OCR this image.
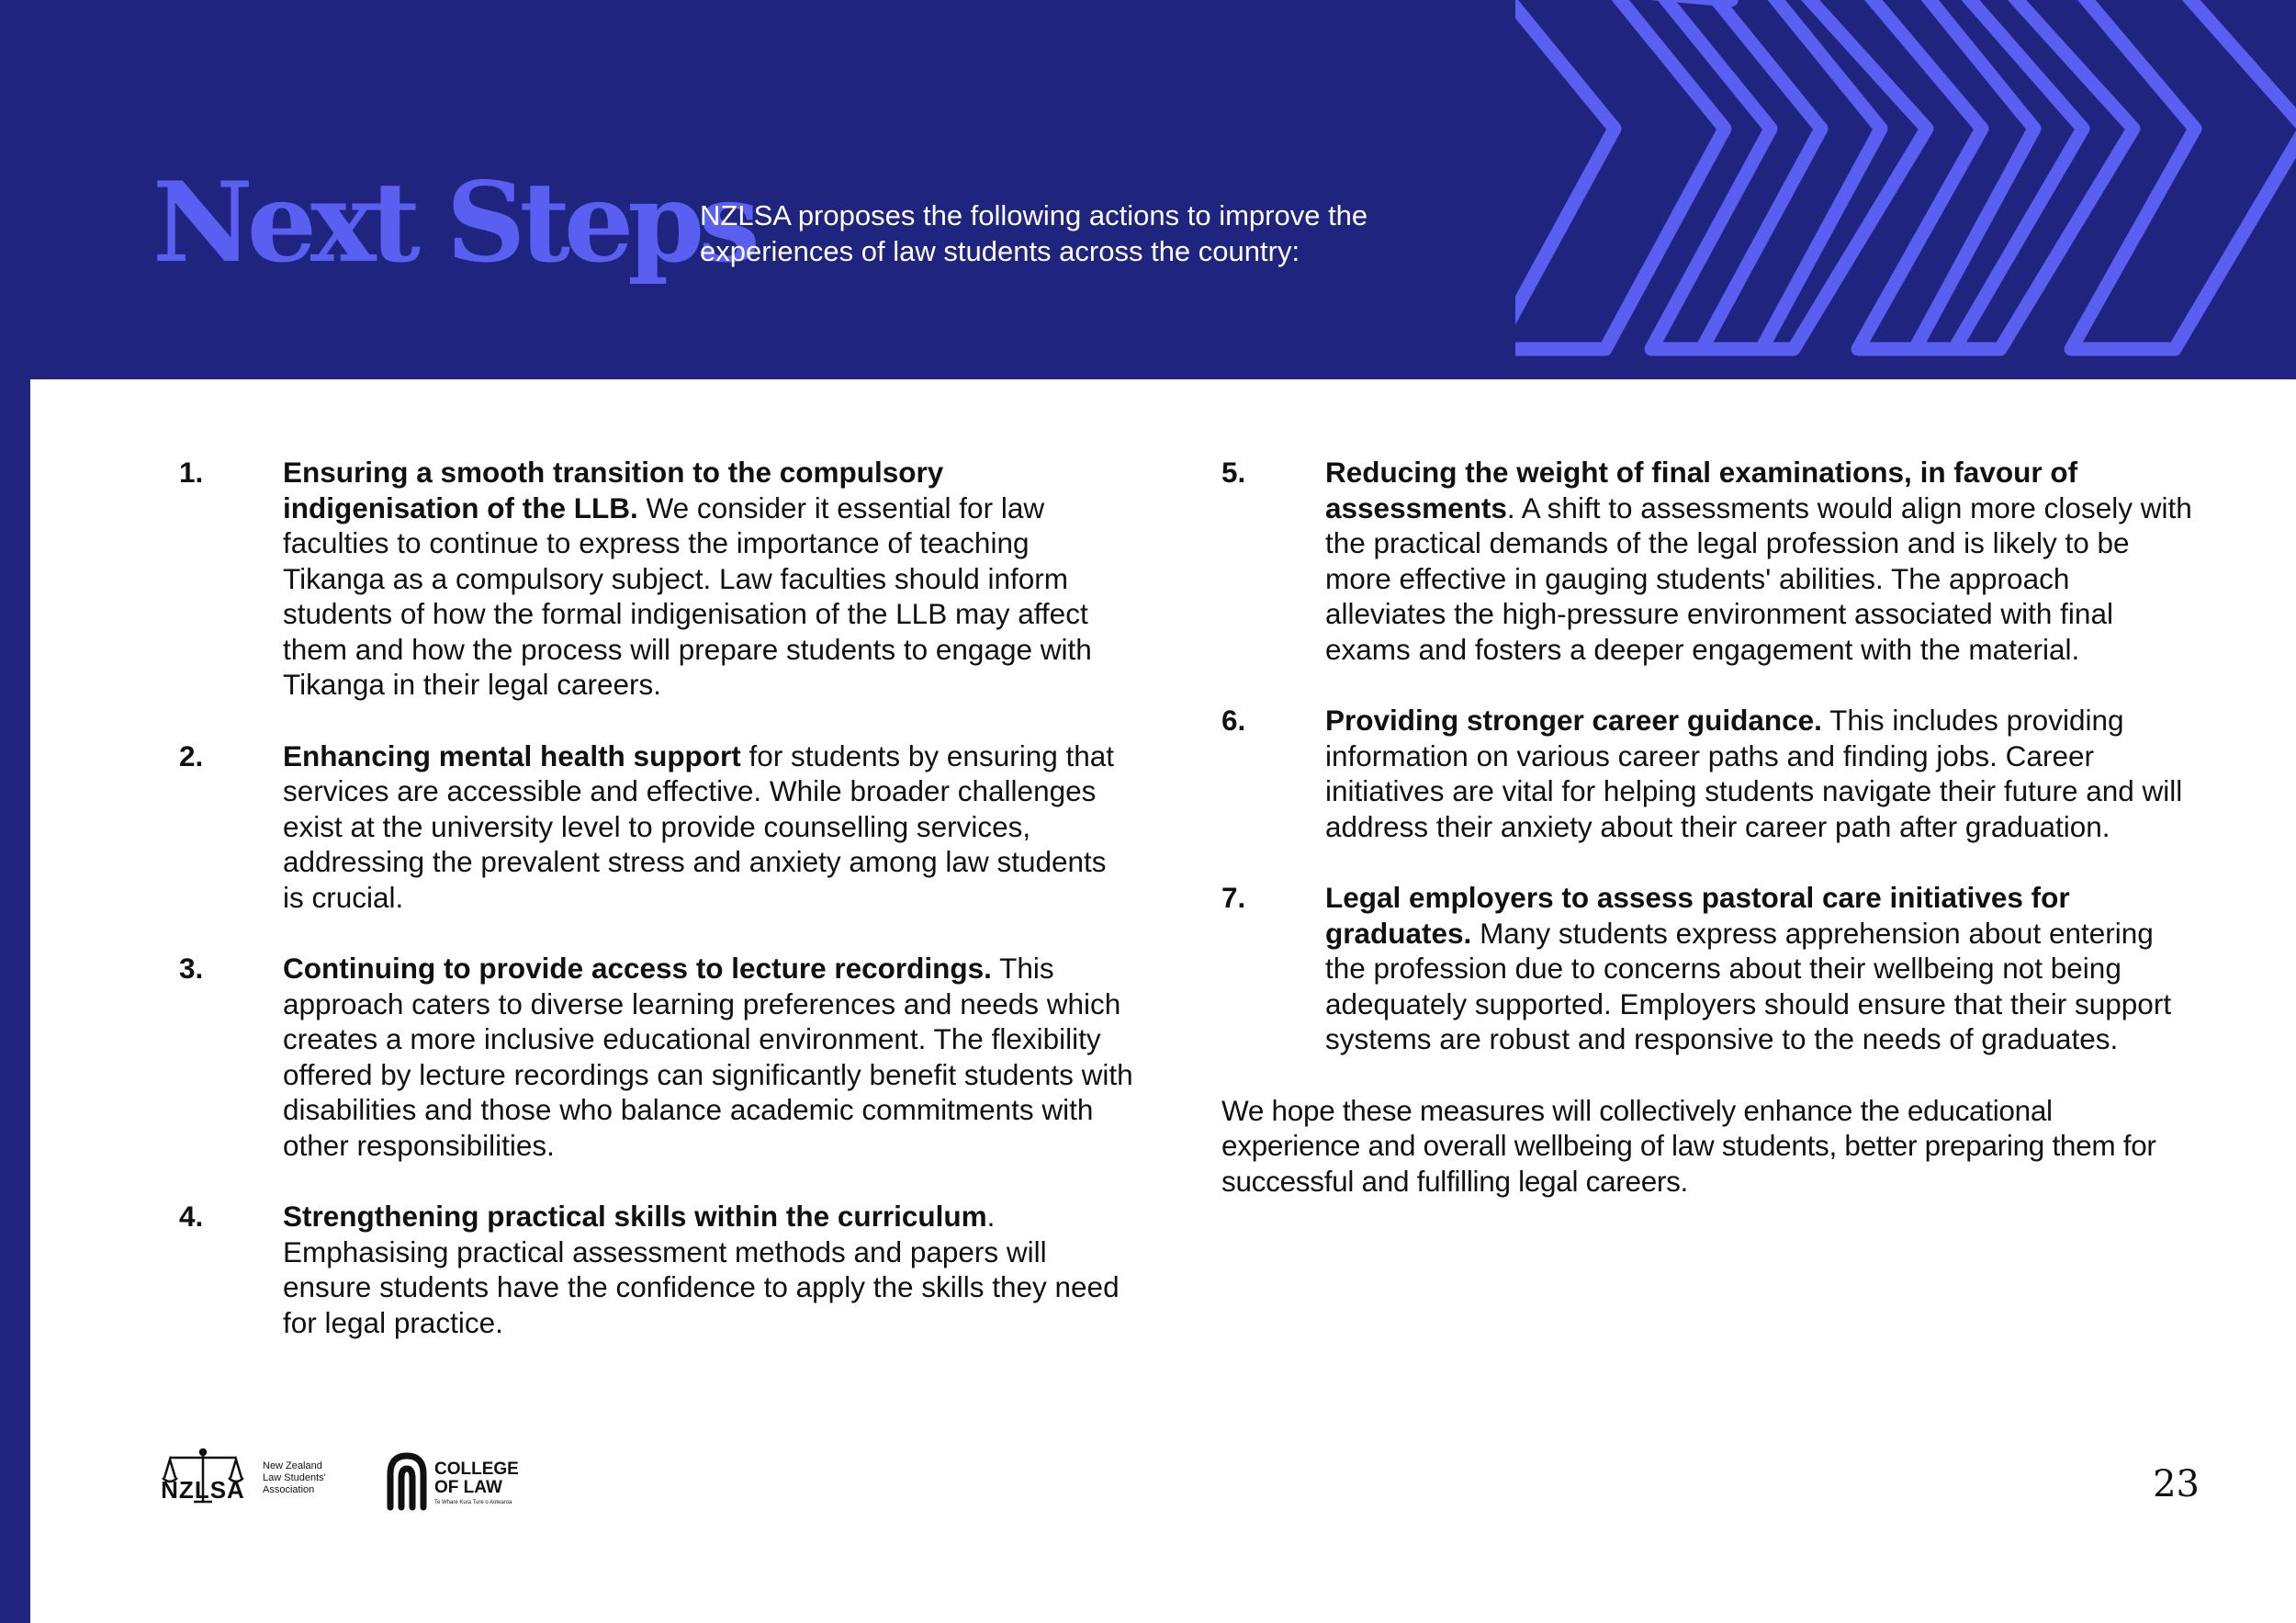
Next Steps

NZLSA proposes the following actions to improve the experiences of law students across the country:

1.	Ensuring a smooth transition to the compulsory indigenisation of the LLB. We consider it essential for law faculties to continue to express the importance of teaching Tikanga as a compulsory subject. Law faculties should inform students of how the formal indigenisation of the LLB may affect them and how the process will prepare students to engage with Tikanga in their legal careers.
2.	Enhancing mental health support for students by ensuring that services are accessible and effective. While broader challenges exist at the university level to provide counselling services, addressing the prevalent stress and anxiety among law students is crucial.
3.	Continuing to provide access to lecture recordings. This approach caters to diverse learning preferences and needs which creates a more inclusive educational environment. The flexibility offered by lecture recordings can significantly benefit students with disabilities and those who balance academic commitments with other responsibilities.
4.	Strengthening practical skills within the curriculum. Emphasising practical assessment methods and papers will ensure students have the confidence to apply the skills they need for legal practice.
5.	Reducing the weight of final examinations, in favour of assessments. A shift to assessments would align more closely with the practical demands of the legal profession and is likely to be more effective in gauging students' abilities. The approach alleviates the high-pressure environment associated with final exams and fosters a deeper engagement with the material.
6.	Providing stronger career guidance. This includes providing information on various career paths and finding jobs. Career initiatives are vital for helping students navigate their future and will address their anxiety about their career path after graduation.
7.	Legal employers to assess pastoral care initiatives for graduates. Many students express apprehension about entering the profession due to concerns about their wellbeing not being adequately supported. Employers should ensure that their support systems are robust and responsive to the needs of graduates.

We hope these measures will collectively enhance the educational experience and overall wellbeing of law students, better preparing them for successful and fulfilling legal careers.

NZLSA
New Zealand
Law Students'
Association
COLLEGE
OF LAW
Te Whare Kura Ture o Aotearoa	23
